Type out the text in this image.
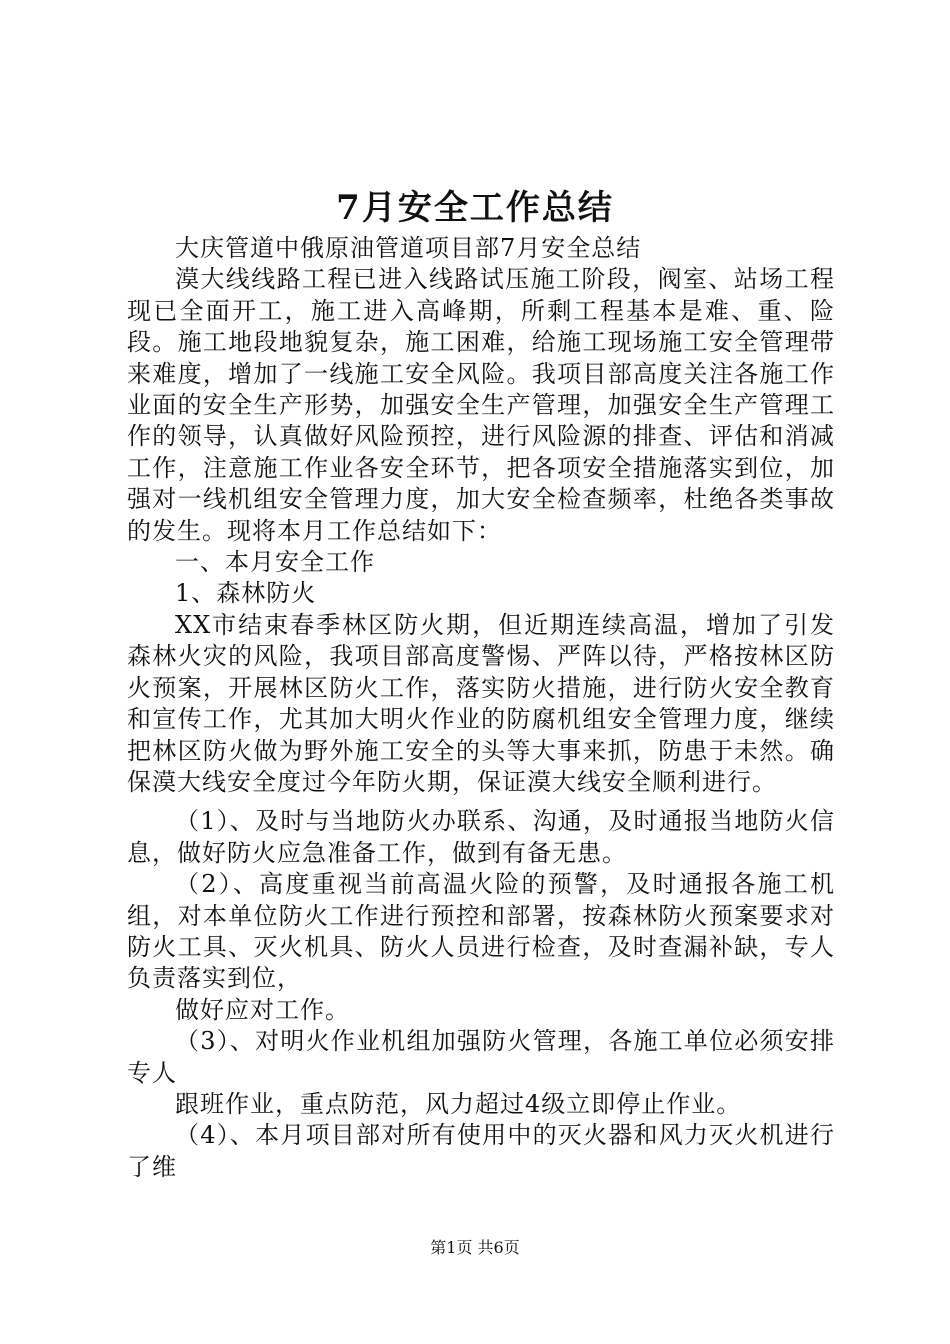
7月安全工作总结

大庆管道中俄原油管道项目部7月安全总结

漠大线线路工程已进入线路试压施工阶段，阀室、站场工程现已全面开工，施工进入高峰期，所剩工程基本是难、重、险段。施工地段地貌复杂，施工困难，给施工现场施工安全管理带来难度，增加了一线施工安全风险。我项目部高度关注各施工作业面的安全生产形势，加强安全生产管理，加强安全生产管理工作的领导，认真做好风险预控，进行风险源的排查、评估和消减工作，注意施工作业各安全环节，把各项安全措施落实到位，加强对一线机组安全管理力度，加大安全检查频率，杜绝各类事故的发生。现将本月工作总结如下：

一、本月安全工作

1、森林防火

XX市结束春季林区防火期，但近期连续高温，增加了引发森林火灾的风险，我项目部高度警惕、严阵以待，严格按林区防火预案，开展林区防火工作，落实防火措施，进行防火安全教育和宣传工作，尤其加大明火作业的防腐机组安全管理力度，继续把林区防火做为野外施工安全的头等大事来抓，防患于未然。确保漠大线安全度过今年防火期，保证漠大线安全顺利进行。

（1）、及时与当地防火办联系、沟通，及时通报当地防火信息，做好防火应急准备工作，做到有备无患。

（2）、高度重视当前高温火险的预警，及时通报各施工机组，对本单位防火工作进行预控和部署，按森林防火预案要求对防火工具、灭火机具、防火人员进行检查，及时查漏补缺，专人负责落实到位，

做好应对工作。

（3）、对明火作业机组加强防火管理，各施工单位必须安排专人

跟班作业，重点防范，风力超过4级立即停止作业。

（4）、本月项目部对所有使用中的灭火器和风力灭火机进行了维

第1页 共6页
